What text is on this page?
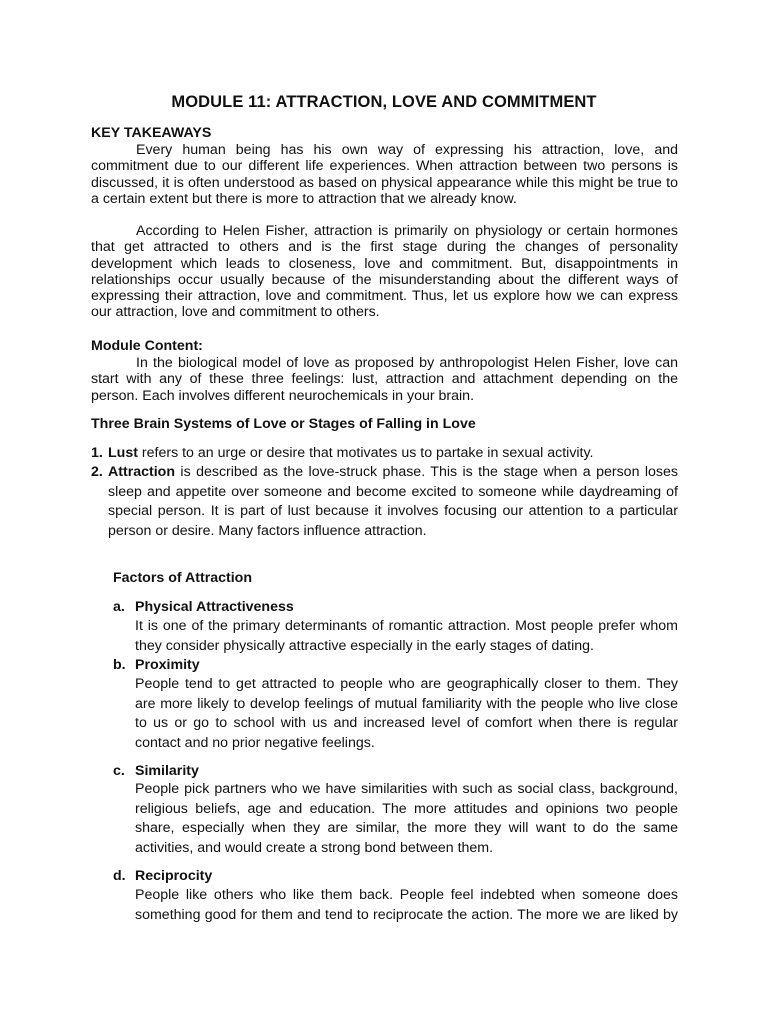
MODULE 11: ATTRACTION, LOVE AND COMMITMENT
KEY TAKEAWAYS
Every human being has his own way of expressing his attraction, love, and commitment due to our different life experiences. When attraction between two persons is discussed, it is often understood as based on physical appearance while this might be true to a certain extent but there is more to attraction that we already know.
According to Helen Fisher, attraction is primarily on physiology or certain hormones that get attracted to others and is the first stage during the changes of personality development which leads to closeness, love and commitment. But, disappointments in relationships occur usually because of the misunderstanding about the different ways of expressing their attraction, love and commitment. Thus, let us explore how we can express our attraction, love and commitment to others.
Module Content:
In the biological model of love as proposed by anthropologist Helen Fisher, love can start with any of these three feelings: lust, attraction and attachment depending on the person. Each involves different neurochemicals in your brain.
Three Brain Systems of Love or Stages of Falling in Love
1. Lust refers to an urge or desire that motivates us to partake in sexual activity.
2. Attraction is described as the love-struck phase. This is the stage when a person loses sleep and appetite over someone and become excited to someone while daydreaming of special person. It is part of lust because it involves focusing our attention to a particular person or desire. Many factors influence attraction.
Factors of Attraction
a. Physical Attractiveness
It is one of the primary determinants of romantic attraction. Most people prefer whom they consider physically attractive especially in the early stages of dating.
b. Proximity
People tend to get attracted to people who are geographically closer to them. They are more likely to develop feelings of mutual familiarity with the people who live close to us or go to school with us and increased level of comfort when there is regular contact and no prior negative feelings.
c. Similarity
People pick partners who we have similarities with such as social class, background, religious beliefs, age and education. The more attitudes and opinions two people share, especially when they are similar, the more they will want to do the same activities, and would create a strong bond between them.
d. Reciprocity
People like others who like them back. People feel indebted when someone does something good for them and tend to reciprocate the action. The more we are liked by
